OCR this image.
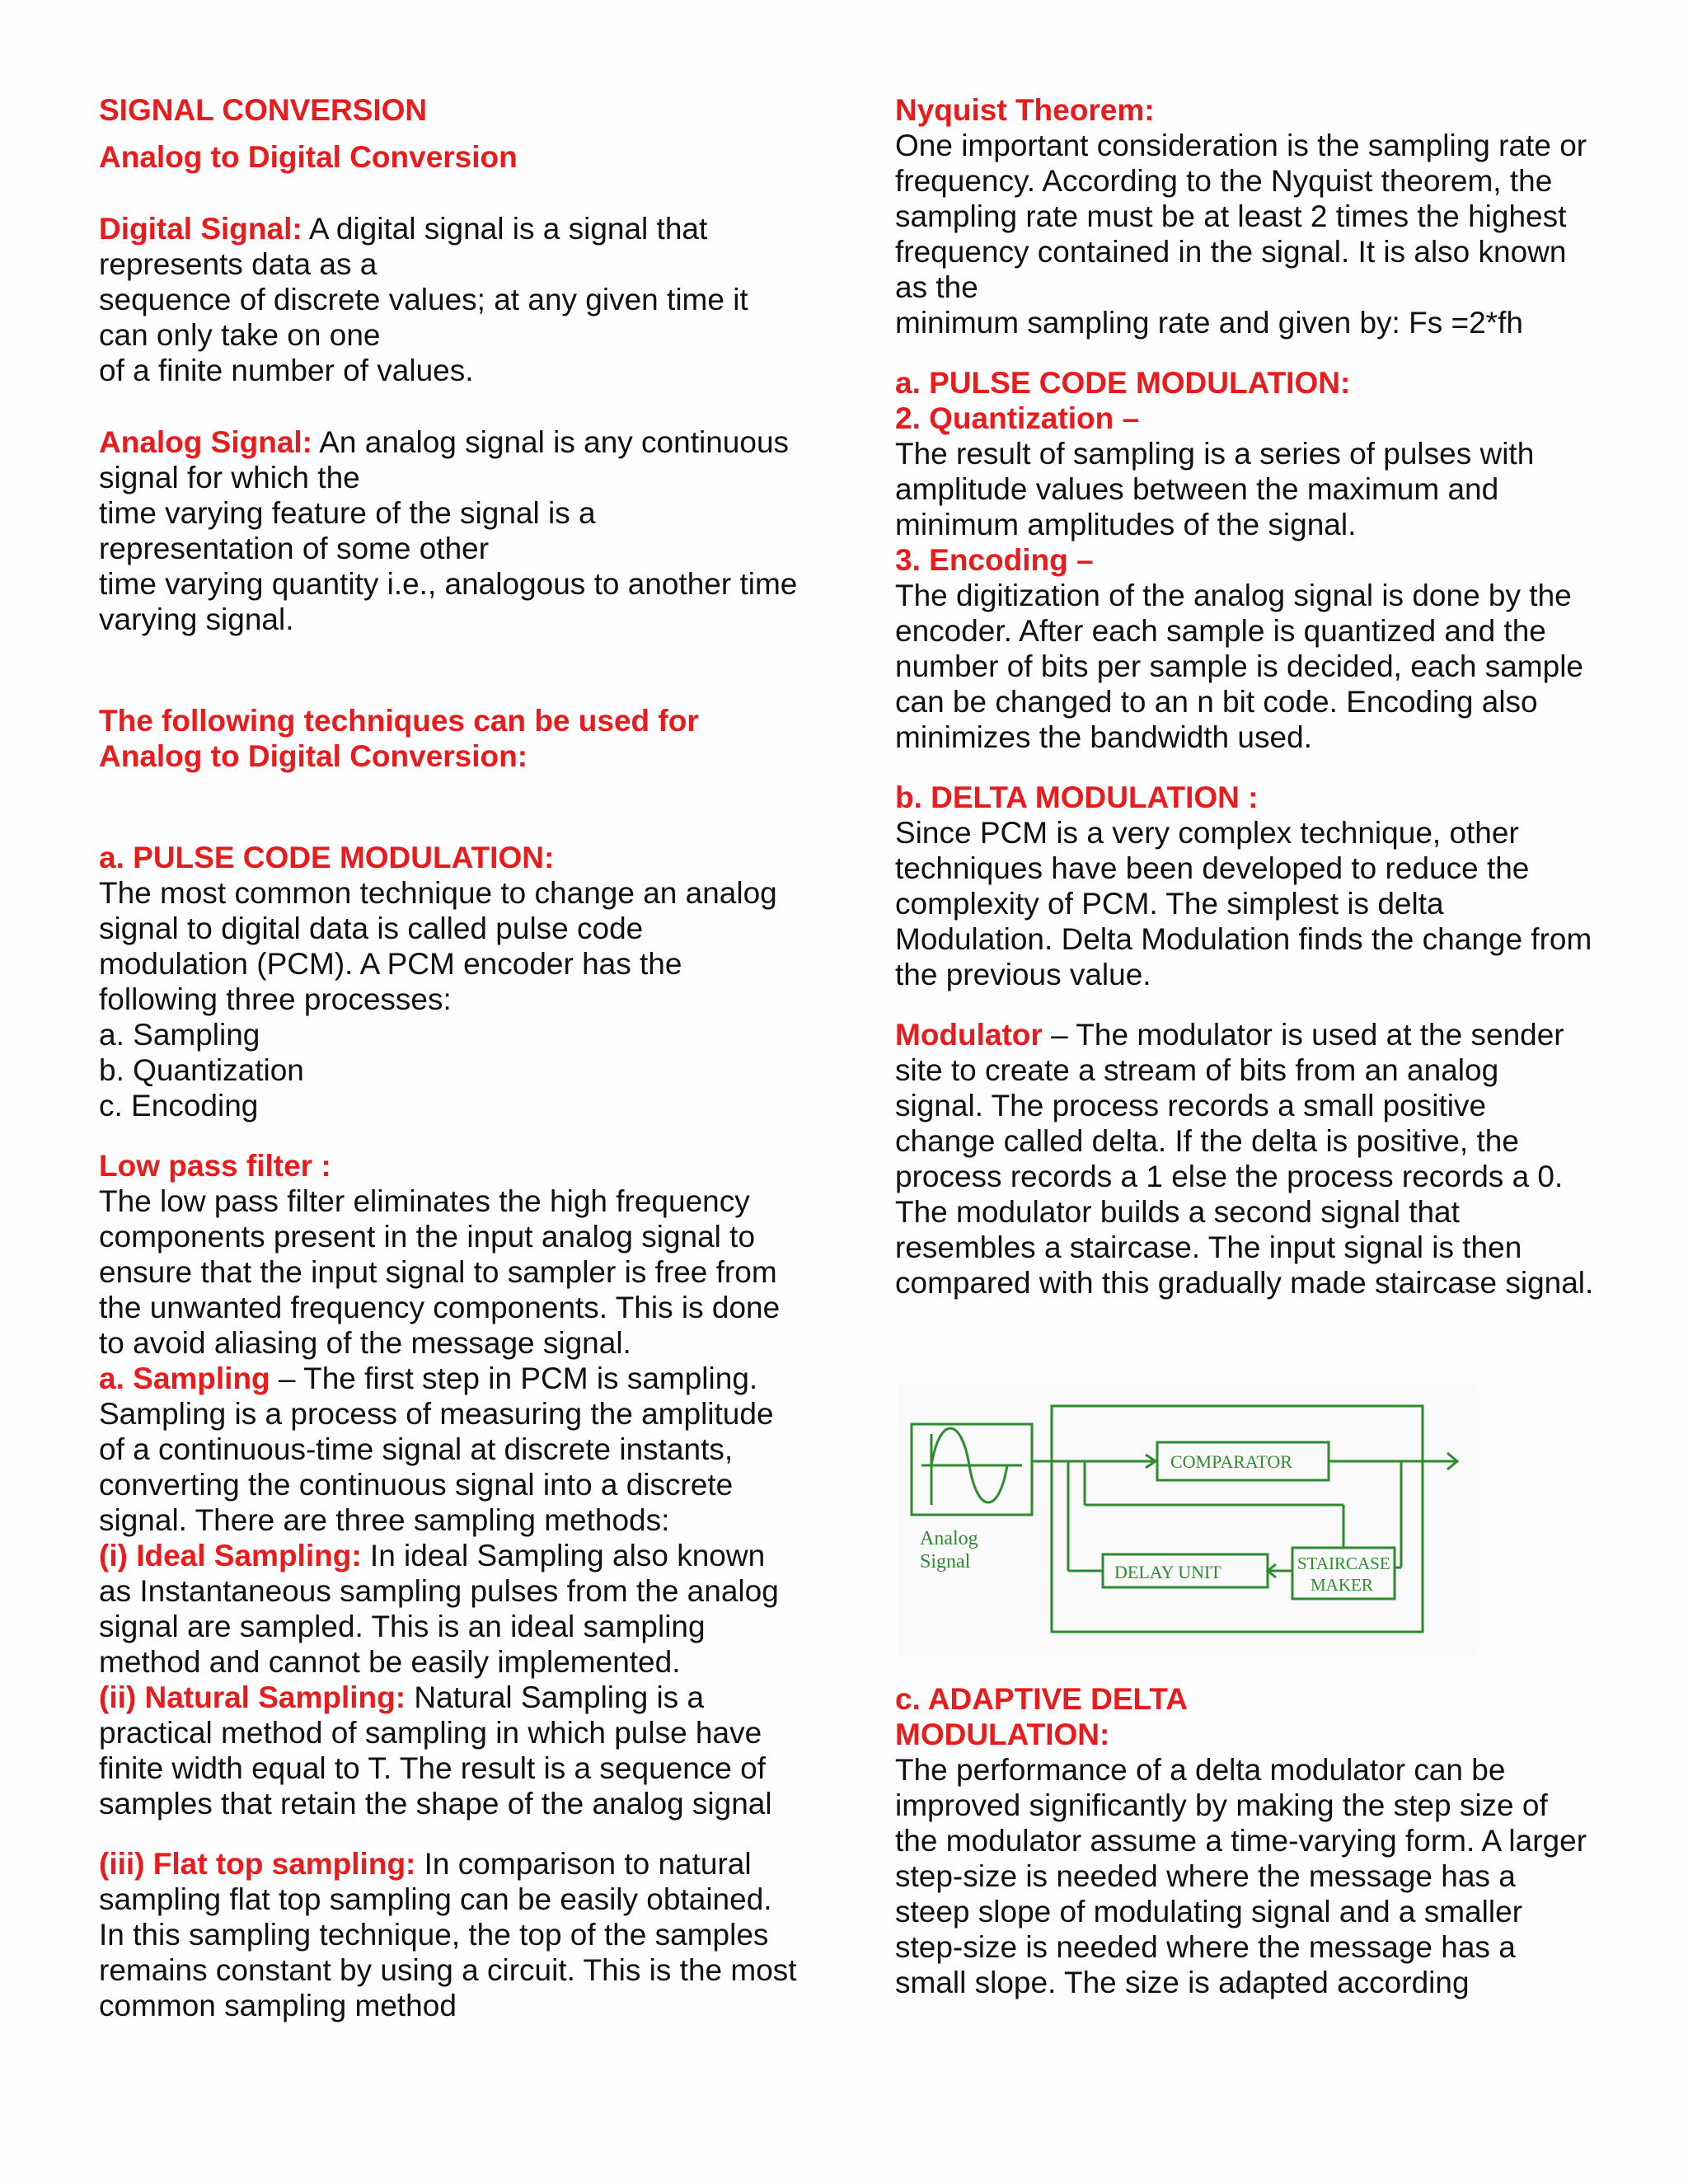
SIGNAL CONVERSION

Analog to Digital Conversion

Digital Signal: A digital signal is a signal that
represents data as a
sequence of discrete values; at any given time it
can only take on one
of a finite number of values.

Analog Signal: An analog signal is any continuous
signal for which the
time varying feature of the signal is a
representation of some other
time varying quantity i.e., analogous to another time
varying signal.

The following techniques can be used for
Analog to Digital Conversion:

a. PULSE CODE MODULATION:

The most common technique to change an analog
signal to digital data is called pulse code
modulation (PCM). A PCM encoder has the
following three processes:
a. Sampling
b. Quantization
c. Encoding

Low pass filter :

The low pass filter eliminates the high frequency
components present in the input analog signal to
ensure that the input signal to sampler is free from
the unwanted frequency components. This is done
to avoid aliasing of the message signal.

a. Sampling – The first step in PCM is sampling.
Sampling is a process of measuring the amplitude
of a continuous-time signal at discrete instants,
converting the continuous signal into a discrete
signal. There are three sampling methods:

(i) Ideal Sampling: In ideal Sampling also known
as Instantaneous sampling pulses from the analog
signal are sampled. This is an ideal sampling
method and cannot be easily implemented.

(ii) Natural Sampling: Natural Sampling is a
practical method of sampling in which pulse have
finite width equal to T. The result is a sequence of
samples that retain the shape of the analog signal

(iii) Flat top sampling: In comparison to natural
sampling flat top sampling can be easily obtained.
In this sampling technique, the top of the samples
remains constant by using a circuit. This is the most
common sampling method

Nyquist Theorem:

One important consideration is the sampling rate or
frequency. According to the Nyquist theorem, the
sampling rate must be at least 2 times the highest
frequency contained in the signal. It is also known
as the
minimum sampling rate and given by: Fs =2*fh

a. PULSE CODE MODULATION:

2. Quantization –

The result of sampling is a series of pulses with
amplitude values between the maximum and
minimum amplitudes of the signal.

3. Encoding –

The digitization of the analog signal is done by the
encoder. After each sample is quantized and the
number of bits per sample is decided, each sample
can be changed to an n bit code. Encoding also
minimizes the bandwidth used.

b. DELTA MODULATION :

Since PCM is a very complex technique, other
techniques have been developed to reduce the
complexity of PCM. The simplest is delta
Modulation. Delta Modulation finds the change from
the previous value.

Modulator – The modulator is used at the sender
site to create a stream of bits from an analog
signal. The process records a small positive
change called delta. If the delta is positive, the
process records a 1 else the process records a 0.
The modulator builds a second signal that
resembles a staircase. The input signal is then
compared with this gradually made staircase signal.

COMPARATOR
DELAY UNIT	STAIRCASE
MAKER
Analog
Signal

c. ADAPTIVE DELTA
MODULATION:

The performance of a delta modulator can be
improved significantly by making the step size of
the modulator assume a time-varying form. A larger
step-size is needed where the message has a
steep slope of modulating signal and a smaller
step-size is needed where the message has a
small slope. The size is adapted according
